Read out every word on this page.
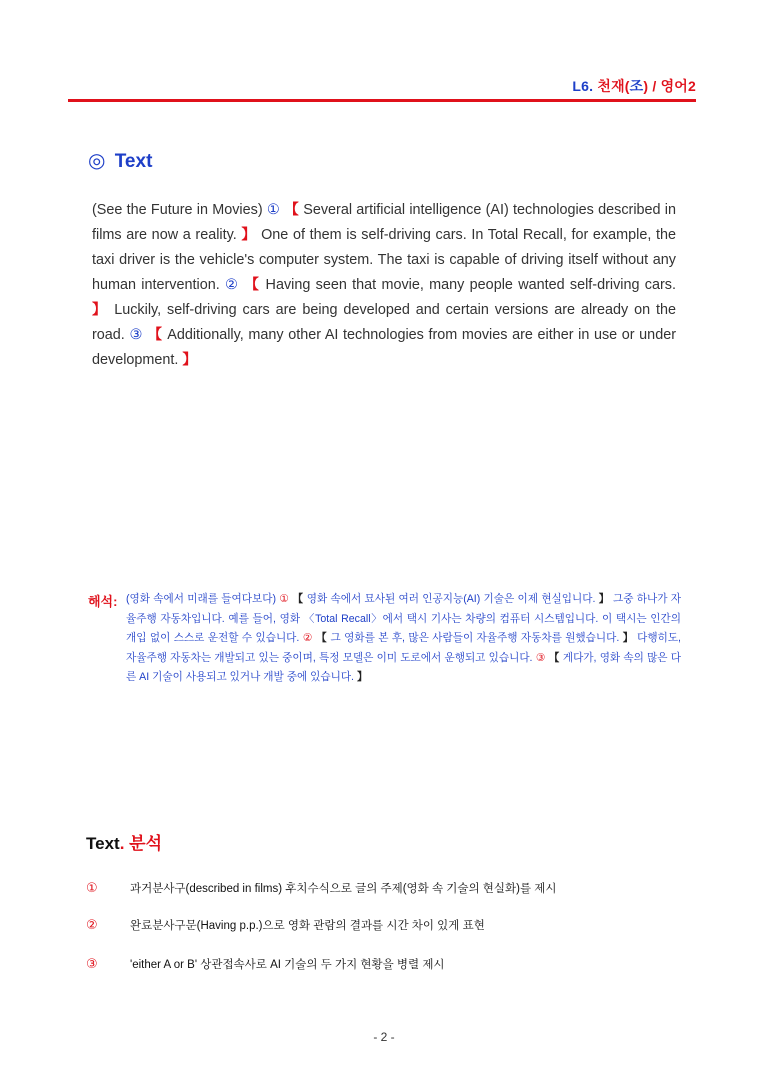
L6. 천재(조) / 영어2
◎ Text
(See the Future in Movies) ① 【 Several artificial intelligence (AI) technologies described in films are now a reality. 】 One of them is self-driving cars. In Total Recall, for example, the taxi driver is the vehicle's computer system. The taxi is capable of driving itself without any human intervention. ② 【 Having seen that movie, many people wanted self-driving cars. 】 Luckily, self-driving cars are being developed and certain versions are already on the road. ③ 【 Additionally, many other AI technologies from movies are either in use or under development. 】
해석: (영화 속에서 미래를 들여다보다) ① 【 영화 속에서 묘사된 여러 인공지능(AI) 기술은 이제 현실입니다. 】 그중 하나가 자율주행 자동차입니다. 예를 들어, 영화 〈Total Recall〉에서 택시 기사는 차량의 컴퓨터 시스템입니다. 이 택시는 인간의 개입 없이 스스로 운전할 수 있습니다. ② 【 그 영화를 본 후, 많은 사람들이 자율주행 자동차를 원했습니다. 】 다행히도, 자율주행 자동차는 개발되고 있는 중이며, 특정 모델은 이미 도로에서 운행되고 있습니다. ③ 【 게다가, 영화 속의 많은 다른 AI 기술이 사용되고 있거나 개발 중에 있습니다. 】
Text. 분석
①	과거분사구(described in films) 후치수식으로 글의 주제(영화 속 기술의 현실화)를 제시
②	완료분사구문(Having p.p.)으로 영화 관람의 결과를 시간 차이 있게 표현
③	'either A or B' 상관접속사로 AI 기술의 두 가지 현황을 병렬 제시
- 2 -
